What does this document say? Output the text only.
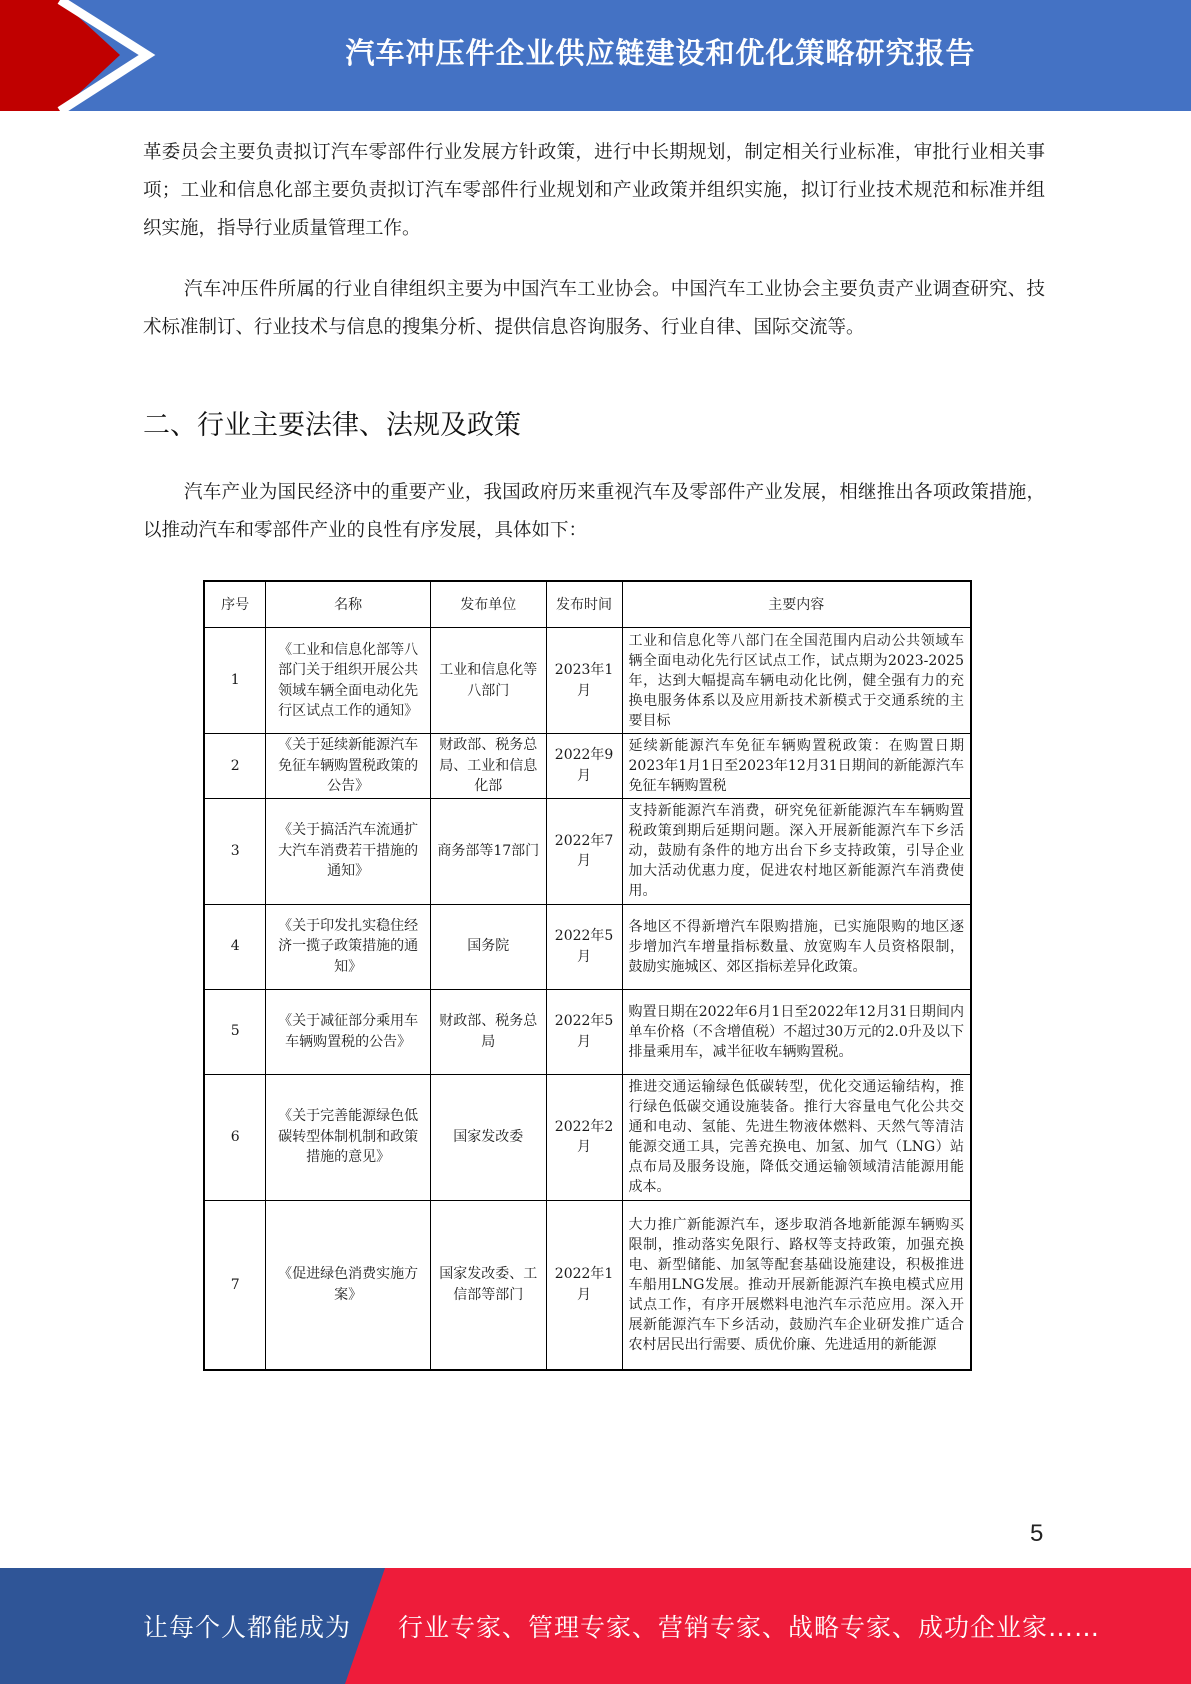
汽车冲压件企业供应链建设和优化策略研究报告

革委员会主要负责拟订汽车零部件行业发展方针政策，进行中长期规划，制定相关行业标准，审批行业相关事项；工业和信息化部主要负责拟订汽车零部件行业规划和产业政策并组织实施，拟订行业技术规范和标准并组织实施，指导行业质量管理工作。

汽车冲压件所属的行业自律组织主要为中国汽车工业协会。中国汽车工业协会主要负责产业调查研究、技术标准制订、行业技术与信息的搜集分析、提供信息咨询服务、行业自律、国际交流等。

二、行业主要法律、法规及政策

汽车产业为国民经济中的重要产业，我国政府历来重视汽车及零部件产业发展，相继推出各项政策措施，以推动汽车和零部件产业的良性有序发展，具体如下：

序号	名称	发布单位	发布时间	主要内容
1	《工业和信息化部等八部门关于组织开展公共领域车辆全面电动化先行区试点工作的通知》	工业和信息化等八部门	2023年1月	工业和信息化等八部门在全国范围内启动公共领域车辆全面电动化先行区试点工作，试点期为2023-2025年，达到大幅提高车辆电动化比例，健全强有力的充换电服务体系以及应用新技术新模式于交通系统的主要目标
2	《关于延续新能源汽车免征车辆购置税政策的公告》	财政部、税务总局、工业和信息化部	2022年9月	延续新能源汽车免征车辆购置税政策：在购置日期2023年1月1日至2023年12月31日期间的新能源汽车免征车辆购置税
3	《关于搞活汽车流通扩大汽车消费若干措施的通知》	商务部等17部门	2022年7月	支持新能源汽车消费，研究免征新能源汽车车辆购置税政策到期后延期问题。深入开展新能源汽车下乡活动，鼓励有条件的地方出台下乡支持政策，引导企业加大活动优惠力度，促进农村地区新能源汽车消费使用。
4	《关于印发扎实稳住经济一揽子政策措施的通知》	国务院	2022年5月	各地区不得新增汽车限购措施，已实施限购的地区逐步增加汽车增量指标数量、放宽购车人员资格限制，鼓励实施城区、郊区指标差异化政策。
5	《关于减征部分乘用车车辆购置税的公告》	财政部、税务总局	2022年5月	购置日期在2022年6月1日至2022年12月31日期间内单车价格（不含增值税）不超过30万元的2.0升及以下排量乘用车，减半征收车辆购置税。
6	《关于完善能源绿色低碳转型体制机制和政策措施的意见》	国家发改委	2022年2月	推进交通运输绿色低碳转型，优化交通运输结构，推行绿色低碳交通设施装备。推行大容量电气化公共交通和电动、氢能、先进生物液体燃料、天然气等清洁能源交通工具，完善充换电、加氢、加气（LNG）站点布局及服务设施，降低交通运输领域清洁能源用能成本。
7	《促进绿色消费实施方案》	国家发改委、工信部等部门	2022年1月	大力推广新能源汽车，逐步取消各地新能源车辆购买限制，推动落实免限行、路权等支持政策，加强充换电、新型储能、加氢等配套基础设施建设，积极推进车船用LNG发展。推动开展新能源汽车换电模式应用试点工作，有序开展燃料电池汽车示范应用。深入开展新能源汽车下乡活动，鼓励汽车企业研发推广适合农村居民出行需要、质优价廉、先进适用的新能源
5
让每个人都能成为 行业专家、管理专家、营销专家、战略专家、成功企业家……
